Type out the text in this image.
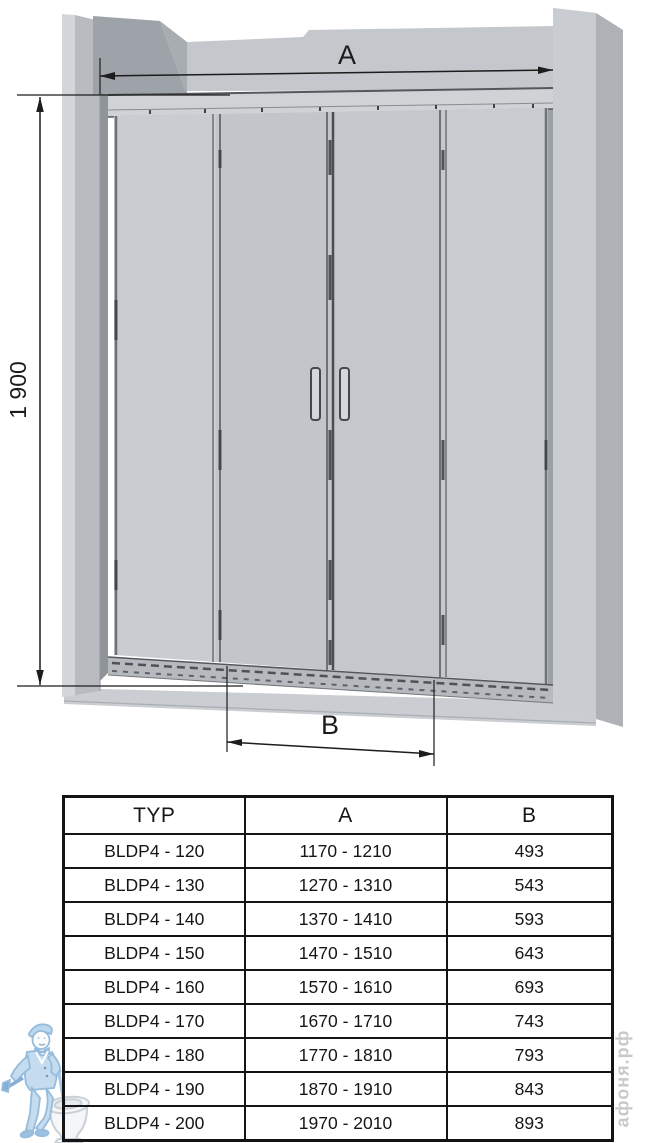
A
1 900
B
TYP	A	B
BLDP4 - 120	1170 - 1210	493
BLDP4 - 130	1270 - 1310	543
BLDP4 - 140	1370 - 1410	593
BLDP4 - 150	1470 - 1510	643
BLDP4 - 160	1570 - 1610	693
BLDP4 - 170	1670 - 1710	743
BLDP4 - 180	1770 - 1810	793
BLDP4 - 190	1870 - 1910	843
BLDP4 - 200	1970 - 2010	893	афоня.рф
